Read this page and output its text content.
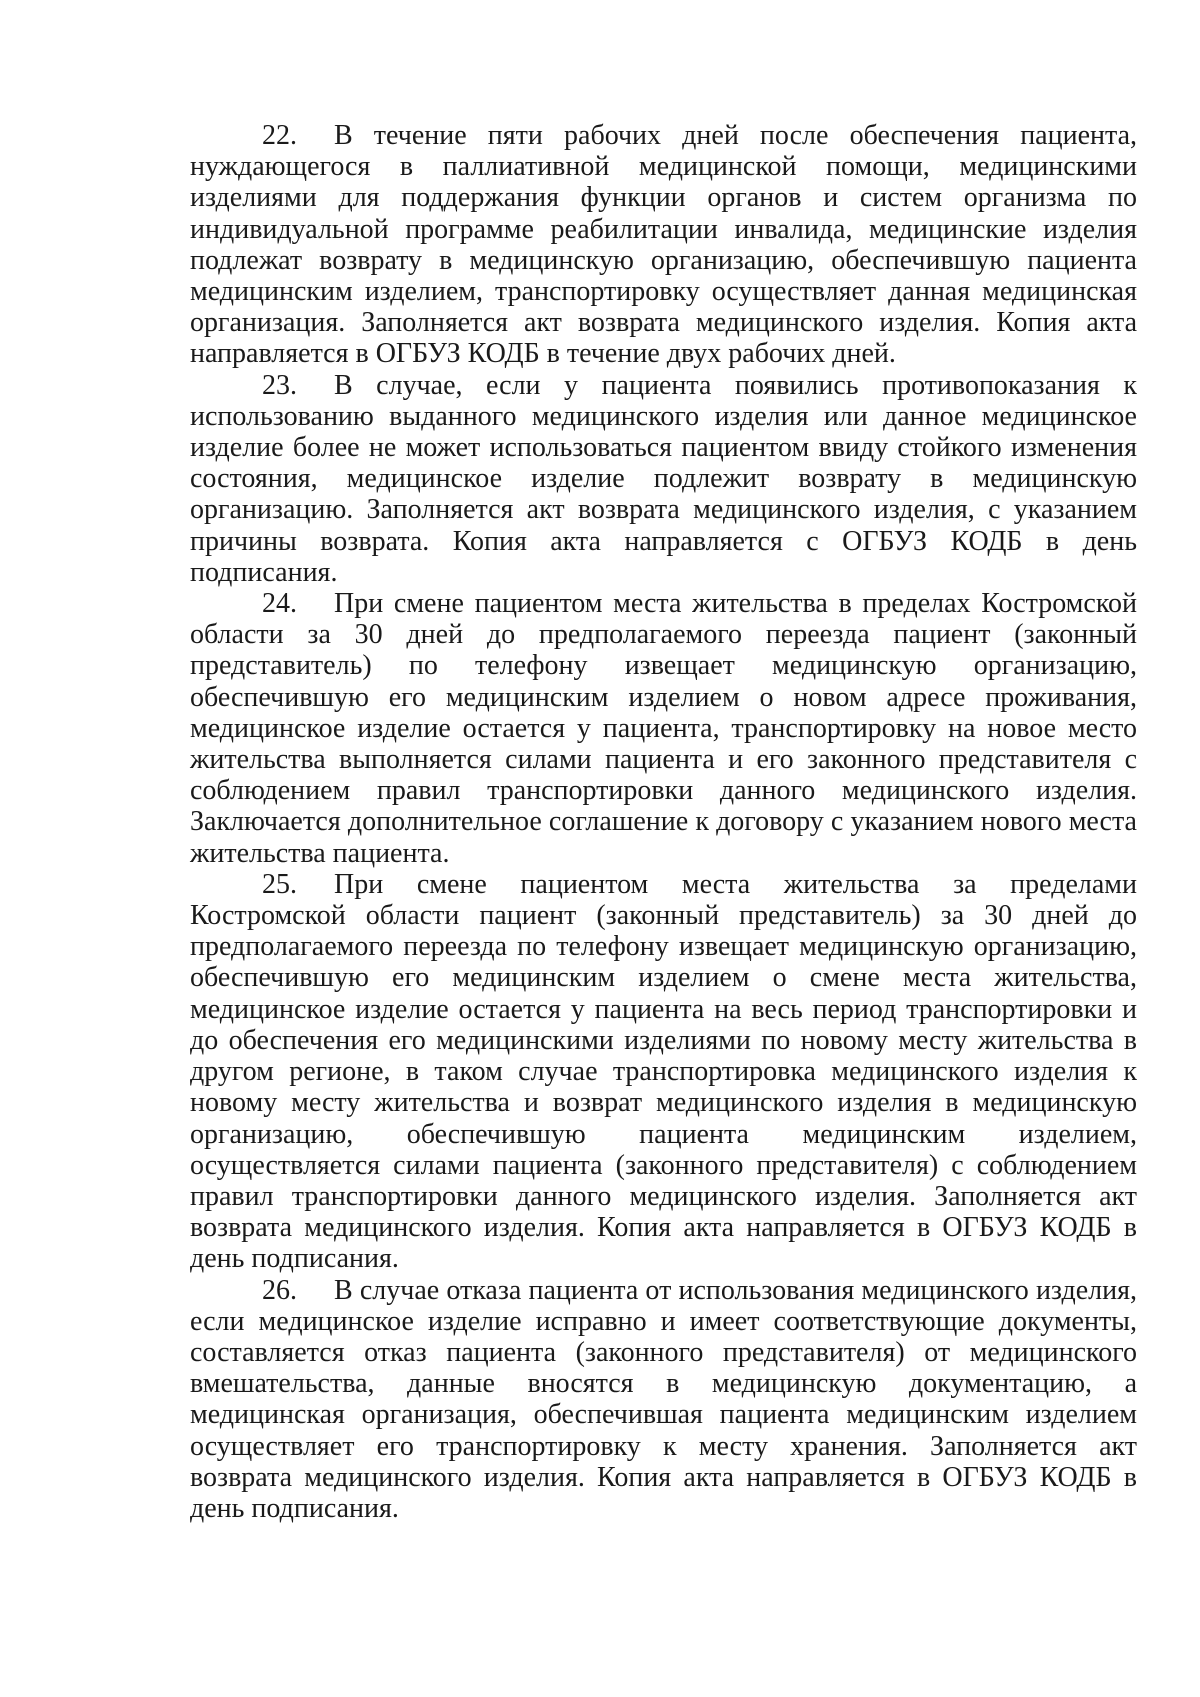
22. В течение пяти рабочих дней после обеспечения пациента, нуждающегося в паллиативной медицинской помощи, медицинскими изделиями для поддержания функции органов и систем организма по индивидуальной программе реабилитации инвалида, медицинские изделия подлежат возврату в медицинскую организацию, обеспечившую пациента медицинским изделием, транспортировку осуществляет данная медицинская организация. Заполняется акт возврата медицинского изделия. Копия акта направляется в ОГБУЗ КОДБ в течение двух рабочих дней.

23. В случае, если у пациента появились противопоказания к использованию выданного медицинского изделия или данное медицинское изделие более не может использоваться пациентом ввиду стойкого изменения состояния, медицинское изделие подлежит возврату в медицинскую организацию. Заполняется акт возврата медицинского изделия, с указанием причины возврата. Копия акта направляется с ОГБУЗ КОДБ в день подписания.

24. При смене пациентом места жительства в пределах Костромской области за 30 дней до предполагаемого переезда пациент (законный представитель) по телефону извещает медицинскую организацию, обеспечившую его медицинским изделием о новом адресе проживания, медицинское изделие остается у пациента, транспортировку на новое место жительства выполняется силами пациента и его законного представителя с соблюдением правил транспортировки данного медицинского изделия. Заключается дополнительное соглашение к договору с указанием нового места жительства пациента.

25. При смене пациентом места жительства за пределами Костромской области пациент (законный представитель) за 30 дней до предполагаемого переезда по телефону извещает медицинскую организацию, обеспечившую его медицинским изделием о смене места жительства, медицинское изделие остается у пациента на весь период транспортировки и до обеспечения его медицинскими изделиями по новому месту жительства в другом регионе, в таком случае транспортировка медицинского изделия к новому месту жительства и возврат медицинского изделия в медицинскую организацию, обеспечившую пациента медицинским изделием, осуществляется силами пациента (законного представителя) с соблюдением правил транспортировки данного медицинского изделия. Заполняется акт возврата медицинского изделия. Копия акта направляется в ОГБУЗ КОДБ в день подписания.

26. В случае отказа пациента от использования медицинского изделия, если медицинское изделие исправно и имеет соответствующие документы, составляется отказ пациента (законного представителя) от медицинского вмешательства, данные вносятся в медицинскую документацию, а медицинская организация, обеспечившая пациента медицинским изделием осуществляет его транспортировку к месту хранения. Заполняется акт возврата медицинского изделия. Копия акта направляется в ОГБУЗ КОДБ в день подписания.
